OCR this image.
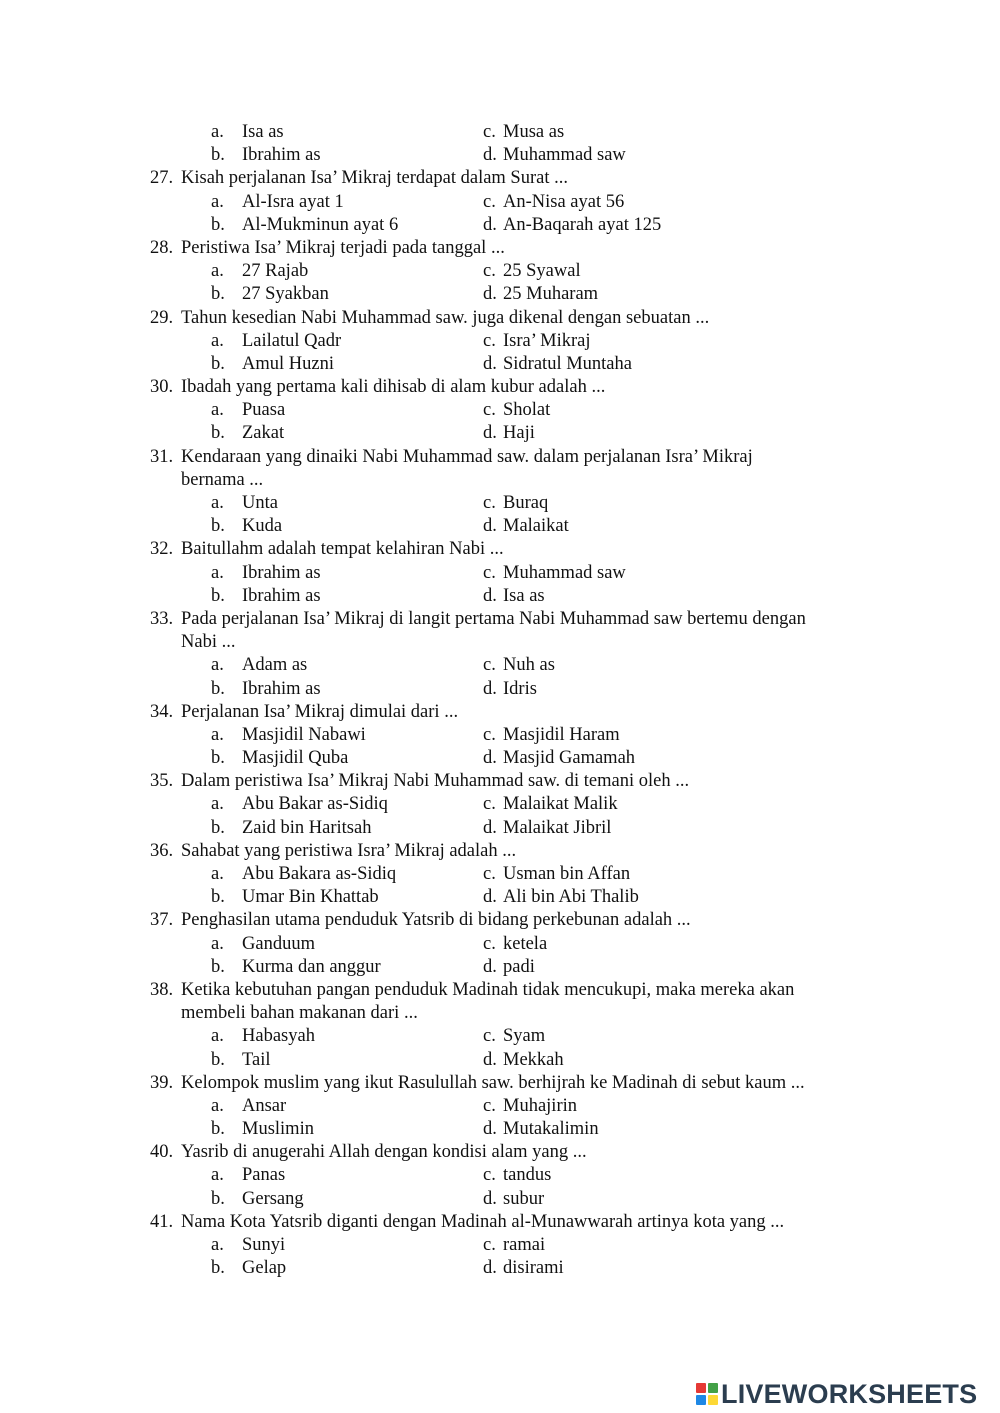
a. Isa as	c. Musa as
b. Ibrahim as	d. Muhammad saw
27. Kisah perjalanan Isa’ Mikraj terdapat dalam Surat ...
a. Al-Isra ayat 1	c. An-Nisa ayat 56
b. Al-Mukminun ayat 6	d. An-Baqarah ayat 125
28. Peristiwa Isa’ Mikraj terjadi pada tanggal ...
a. 27 Rajab	c. 25 Syawal
b. 27 Syakban	d. 25 Muharam
29. Tahun kesedian Nabi Muhammad saw. juga dikenal dengan sebuatan ...
a. Lailatul Qadr	c. Isra’ Mikraj
b. Amul Huzni	d. Sidratul Muntaha
30. Ibadah yang pertama kali dihisab di alam kubur adalah ...
a. Puasa	c. Sholat
b. Zakat	d. Haji
31. Kendaraan yang dinaiki Nabi Muhammad saw. dalam perjalanan Isra’ Mikraj
bernama ...
a. Unta	c. Buraq
b. Kuda	d. Malaikat
32. Baitullahm adalah tempat kelahiran Nabi ...
a. Ibrahim as	c. Muhammad saw
b. Ibrahim as	d. Isa as
33. Pada perjalanan Isa’ Mikraj di langit pertama Nabi Muhammad saw bertemu dengan
Nabi ...
a. Adam as	c. Nuh as
b. Ibrahim as	d. Idris
34. Perjalanan Isa’ Mikraj dimulai dari ...
a. Masjidil Nabawi	c. Masjidil Haram
b. Masjidil Quba	d. Masjid Gamamah
35. Dalam peristiwa Isa’ Mikraj Nabi Muhammad saw. di temani oleh ...
a. Abu Bakar as-Sidiq	c. Malaikat Malik
b. Zaid bin Haritsah	d. Malaikat Jibril
36. Sahabat yang peristiwa Isra’ Mikraj adalah ...
a. Abu Bakara as-Sidiq	c. Usman bin Affan
b. Umar Bin Khattab	d. Ali bin Abi Thalib
37. Penghasilan utama penduduk Yatsrib di bidang perkebunan adalah ...
a. Ganduum	c. ketela
b. Kurma dan anggur	d. padi
38. Ketika kebutuhan pangan penduduk Madinah tidak mencukupi, maka mereka akan
membeli bahan makanan dari ...
a. Habasyah	c. Syam
b. Tail	d. Mekkah
39. Kelompok muslim yang ikut Rasulullah saw. berhijrah ke Madinah di sebut kaum ...
a. Ansar	c. Muhajirin
b. Muslimin	d. Mutakalimin
40. Yasrib di anugerahi Allah dengan kondisi alam yang ...
a. Panas	c. tandus
b. Gersang	d. subur
41. Nama Kota Yatsrib diganti dengan Madinah al-Munawwarah artinya kota yang ...
a. Sunyi	c. ramai
b. Gelap	d. disirami
LIVEWORKSHEETS
